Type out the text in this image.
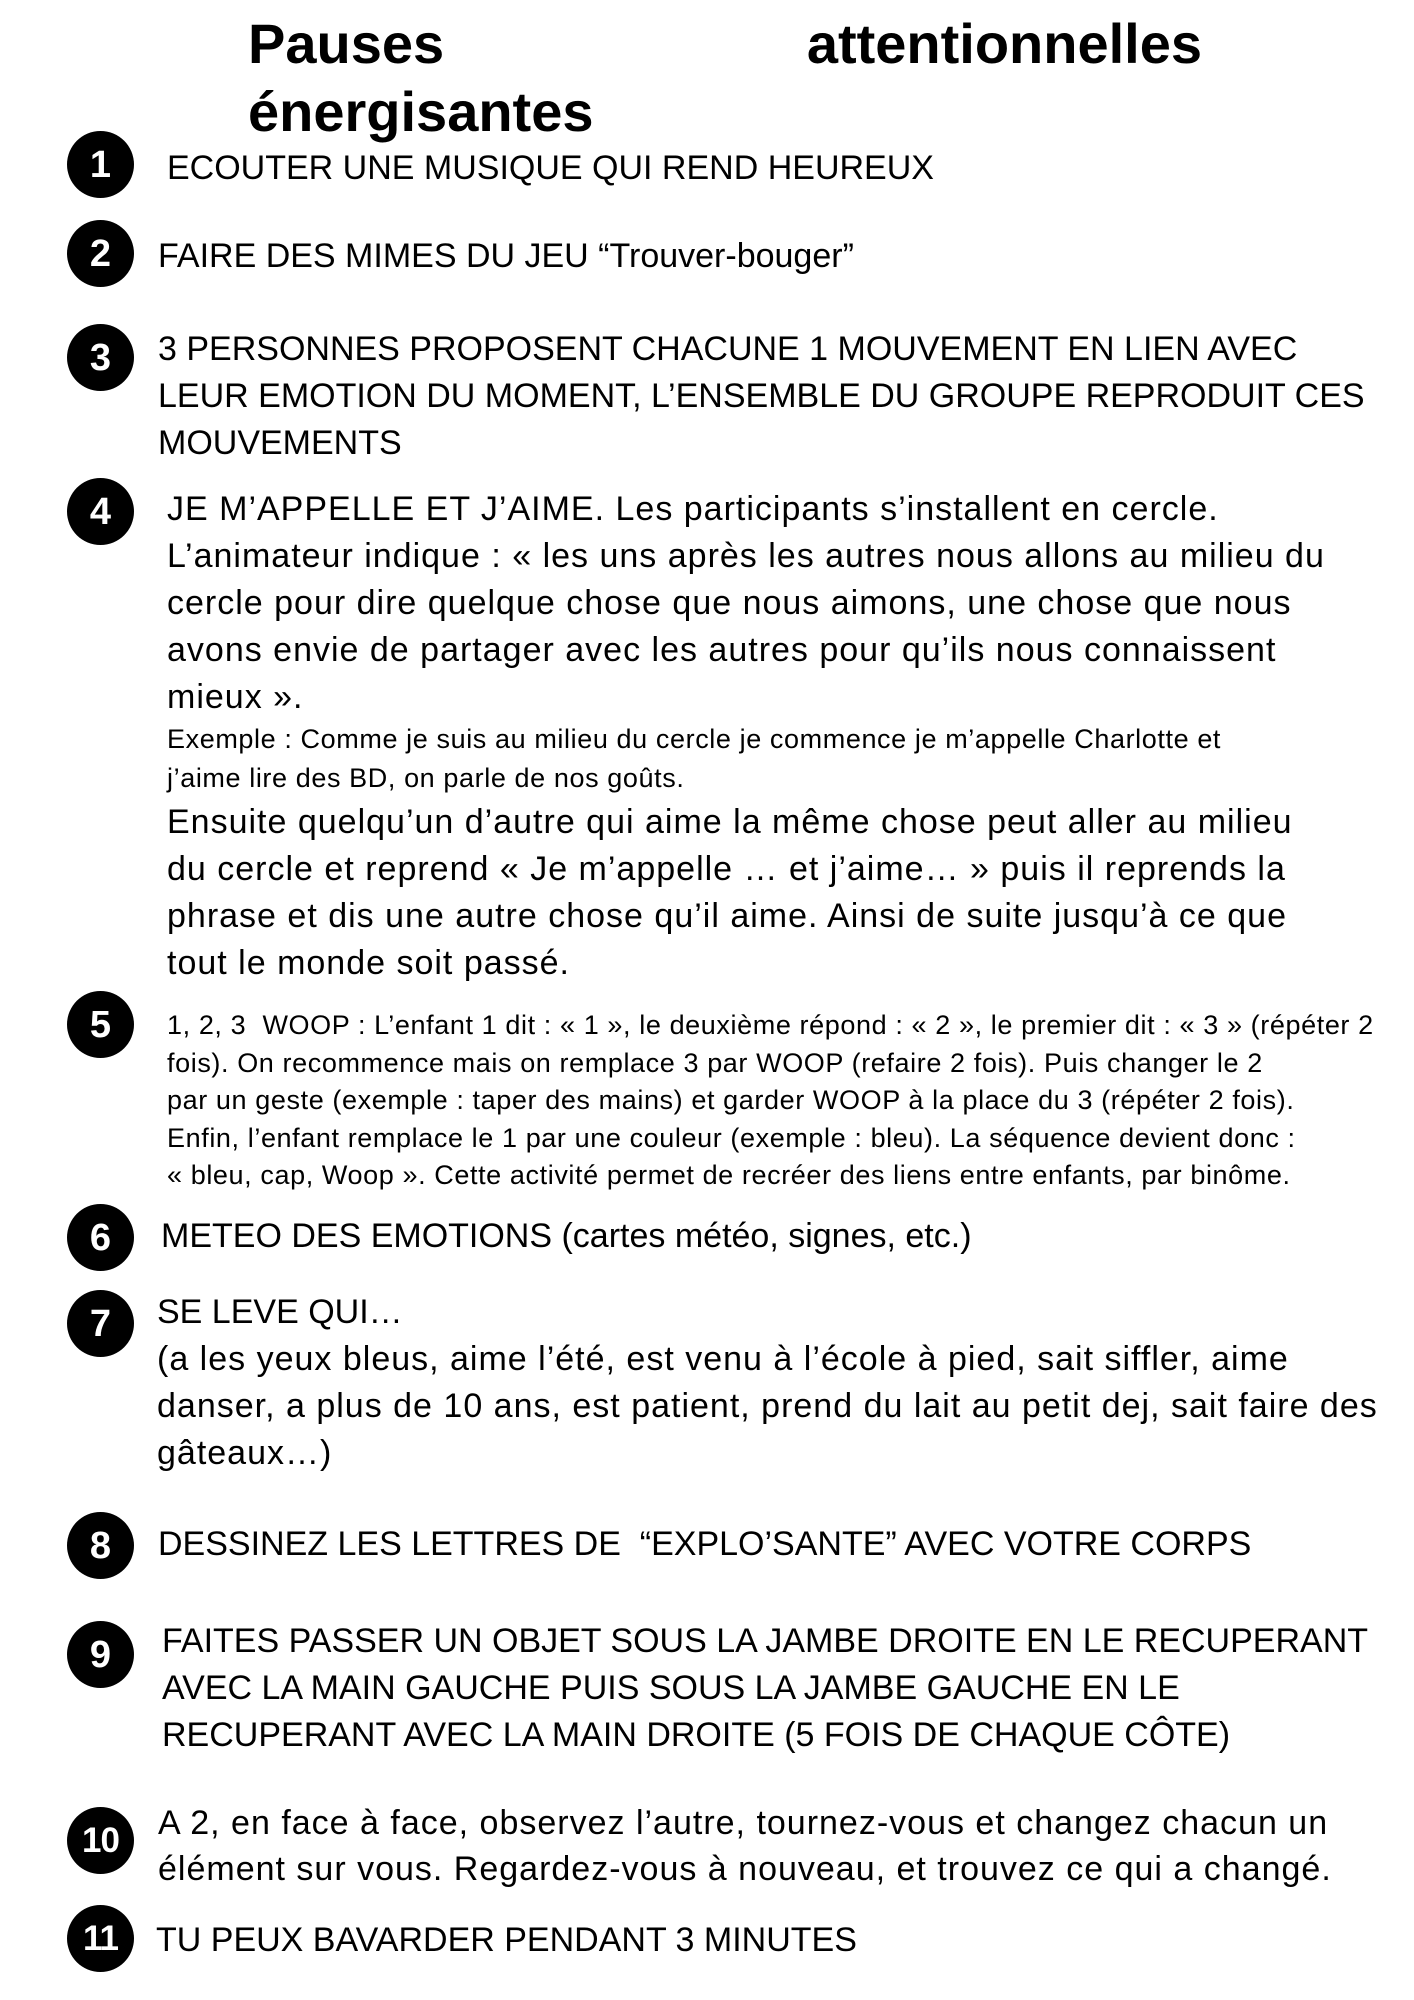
Pauses	attentionnelles
énergisantes
1	ECOUTER UNE MUSIQUE QUI REND HEUREUX
2	FAIRE DES MIMES DU JEU “Trouver-bouger”
3	3 PERSONNES PROPOSENT CHACUNE 1 MOUVEMENT EN LIEN AVEC
LEUR EMOTION DU MOMENT, L’ENSEMBLE DU GROUPE REPRODUIT CES
MOUVEMENTS
4	JE M’APPELLE ET J’AIME. Les participants s’installent en cercle.
L’animateur indique : « les uns après les autres nous allons au milieu du
cercle pour dire quelque chose que nous aimons, une chose que nous
avons envie de partager avec les autres pour qu’ils nous connaissent
mieux ».
Exemple : Comme je suis au milieu du cercle je commence je m’appelle Charlotte et
j’aime lire des BD, on parle de nos goûts.
Ensuite quelqu’un d’autre qui aime la même chose peut aller au milieu
du cercle et reprend « Je m’appelle … et j’aime… » puis il reprends la
phrase et dis une autre chose qu’il aime. Ainsi de suite jusqu’à ce que
tout le monde soit passé.
5	1, 2, 3  WOOP : L’enfant 1 dit : « 1 », le deuxième répond : « 2 », le premier dit : « 3 » (répéter 2
fois). On recommence mais on remplace 3 par WOOP (refaire 2 fois). Puis changer le 2
par un geste (exemple : taper des mains) et garder WOOP à la place du 3 (répéter 2 fois).
Enfin, l’enfant remplace le 1 par une couleur (exemple : bleu). La séquence devient donc :
« bleu, cap, Woop ». Cette activité permet de recréer des liens entre enfants, par binôme.
6	METEO DES EMOTIONS (cartes météo, signes, etc.)
7	SE LEVE QUI…
(a les yeux bleus, aime l’été, est venu à l’école à pied, sait siffler, aime
danser, a plus de 10 ans, est patient, prend du lait au petit dej, sait faire des
gâteaux…)
8	DESSINEZ LES LETTRES DE  “EXPLO’SANTE” AVEC VOTRE CORPS
9	FAITES PASSER UN OBJET SOUS LA JAMBE DROITE EN LE RECUPERANT
AVEC LA MAIN GAUCHE PUIS SOUS LA JAMBE GAUCHE EN LE
RECUPERANT AVEC LA MAIN DROITE (5 FOIS DE CHAQUE CÔTE)
10	A 2, en face à face, observez l’autre, tournez-vous et changez chacun un
élément sur vous. Regardez-vous à nouveau, et trouvez ce qui a changé.
11	TU PEUX BAVARDER PENDANT 3 MINUTES
